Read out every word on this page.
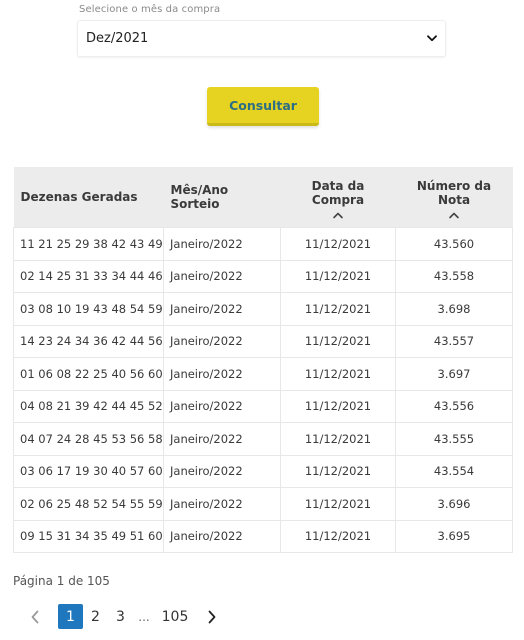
Selecione o mês da compra
Dez/2021
Consultar
Dezenas Geradas	Mês/Ano Sorteio	Data da Compra	Número da Nota

11 21 25 29 38 42 43 49	Janeiro/2022	11/12/2021	43.560
02 14 25 31 33 34 44 46	Janeiro/2022	11/12/2021	43.558
03 08 10 19 43 48 54 59	Janeiro/2022	11/12/2021	3.698
14 23 24 34 36 42 44 56	Janeiro/2022	11/12/2021	43.557
01 06 08 22 25 40 56 60	Janeiro/2022	11/12/2021	3.697
04 08 21 39 42 44 45 52	Janeiro/2022	11/12/2021	43.556
04 07 24 28 45 53 56 58	Janeiro/2022	11/12/2021	43.555
03 06 17 19 30 40 57 60	Janeiro/2022	11/12/2021	43.554
02 06 25 48 52 54 55 59	Janeiro/2022	11/12/2021	3.696
09 15 31 34 35 49 51 60	Janeiro/2022	11/12/2021	3.695
Página 1 de 105
1	2	3	... 105
